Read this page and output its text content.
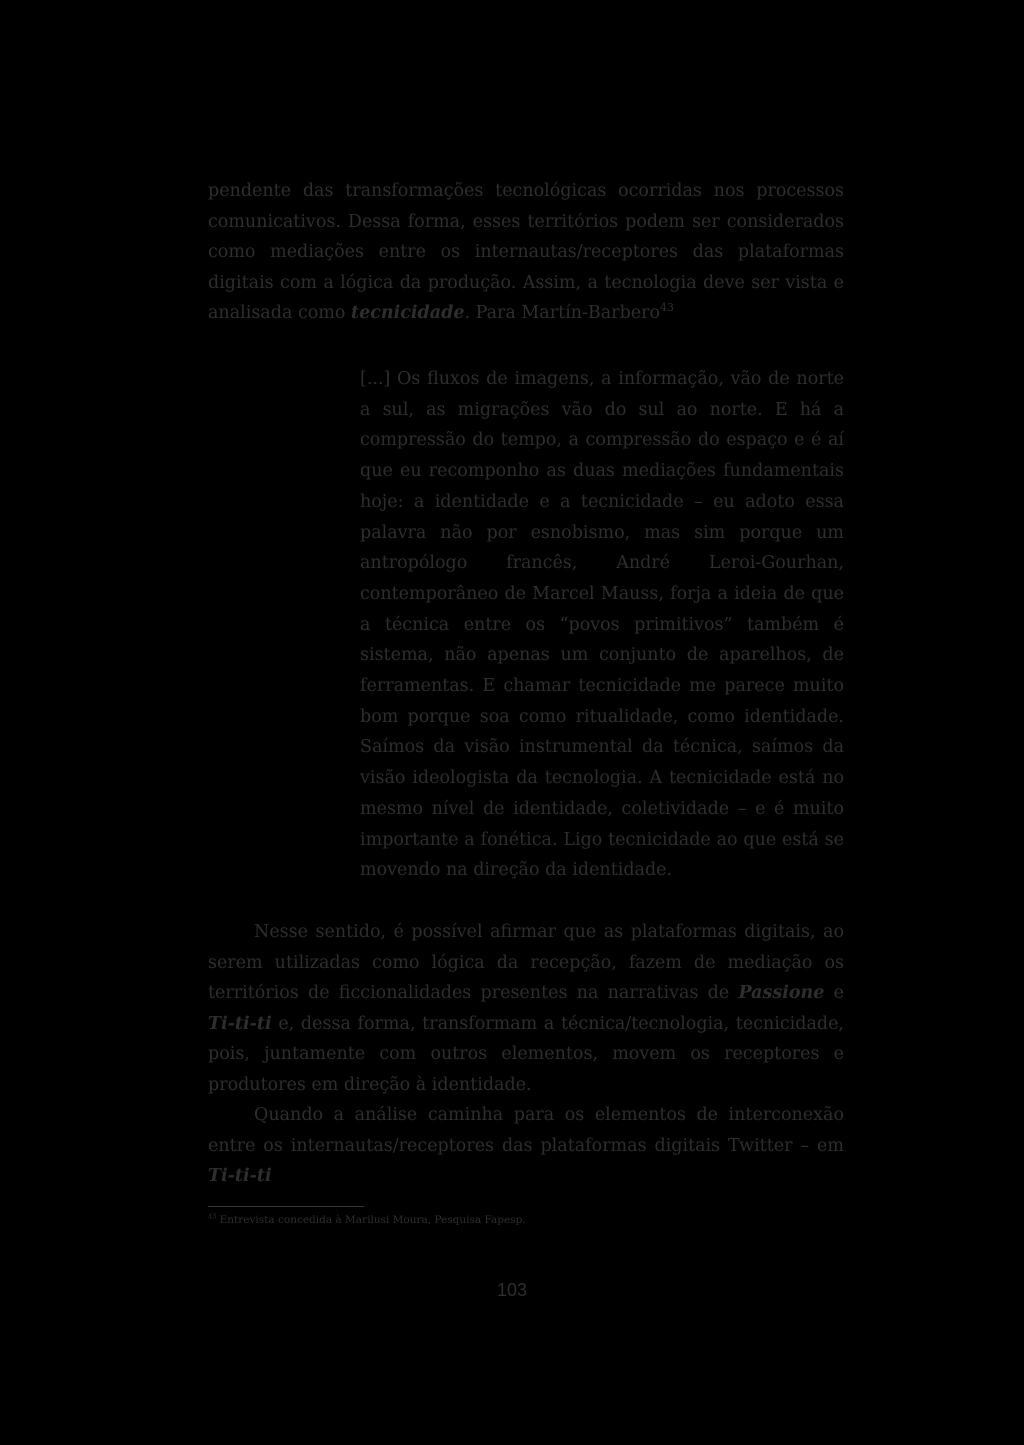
pendente das transformações tecnológicas ocorridas nos processos comunicativos. Dessa forma, esses territórios podem ser considerados como mediações entre os internautas/receptores das plataformas digitais com a lógica da produção. Assim, a tecnologia deve ser vista e analisada como tecnicidade. Para Martín-Barbero$^{43}$

[...] Os fluxos de imagens, a informação, vão de norte a sul, as migrações vão do sul ao norte. E há a compressão do tempo, a compressão do espaço e é aí que eu recomponho as duas mediações fundamentais hoje: a identidade e a tecnicidade – eu adoto essa palavra não por esnobismo, mas sim porque um antropólogo francês, André Leroi-Gourhan, contemporâneo de Marcel Mauss, forja a ideia de que a técnica entre os “povos primitivos” também é sistema, não apenas um conjunto de aparelhos, de ferramentas. E chamar tecnicidade me parece muito bom porque soa como ritualidade, como identidade. Saímos da visão instrumental da técnica, saímos da visão ideologista da tecnologia. A tecnicidade está no mesmo nível de identidade, coletividade – e é muito importante a fonética. Ligo tecnicidade ao que está se movendo na direção da identidade.

Nesse sentido, é possível afirmar que as plataformas digitais, ao serem utilizadas como lógica da recepção, fazem de mediação os territórios de ficcionalidades presentes na narrativas de Passione e Ti-ti-ti e, dessa forma, transformam a técnica/tecnologia, tecnicidade, pois, juntamente com outros elementos, movem os receptores e produtores em direção à identidade.

Quando a análise caminha para os elementos de interconexão entre os internautas/receptores das plataformas digitais Twitter – em Ti-ti-ti

$^{43}$ Entrevista concedida à Marilusi Moura, Pesquisa Fapesp.

103
